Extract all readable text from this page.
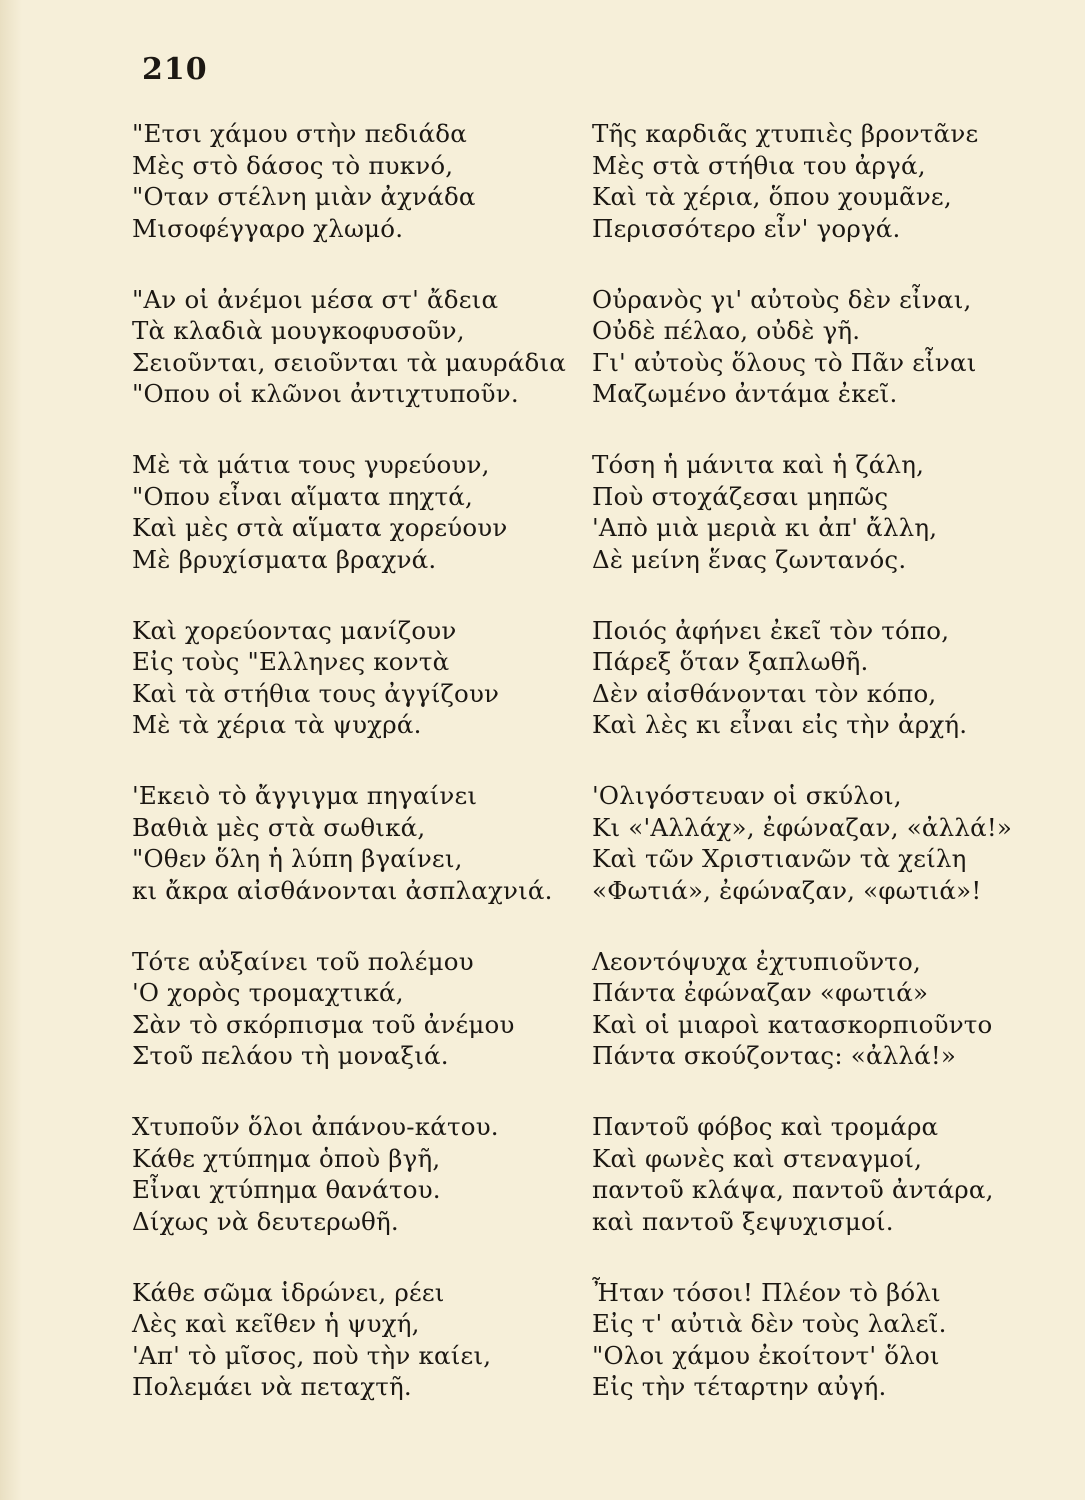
210
"Ετσι χάμου στὴν πεδιάδα
Μὲς στὸ δάσος τὸ πυκνό,
"Οταν στέλνη μιὰν ἀχνάδα
Μισοφέγγαρο χλωμό.
"Αν οἱ ἀνέμοι μέσα στ' ἄδεια
Τὰ κλαδιὰ μουγκοφυσοῦν,
Σειοῦνται, σειοῦνται τὰ μαυράδια
"Οπου οἱ κλῶνοι ἀντιχτυποῦν.
Μὲ τὰ μάτια τους γυρεύουν,
"Οπου εἶναι αἵματα πηχτά,
Καὶ μὲς στὰ αἵματα χορεύουν
Μὲ βρυχίσματα βραχνά.
Καὶ χορεύοντας μανίζουν
Εἰς τοὺς "Ελληνες κοντὰ
Καὶ τὰ στήθια τους ἀγγίζουν
Μὲ τὰ χέρια τὰ ψυχρά.
'Εκειὸ τὸ ἄγγιγμα πηγαίνει
Βαθιὰ μὲς στὰ σωθικά,
"Οθεν ὅλη ἡ λύπη βγαίνει,
κι ἄκρα αἰσθάνονται ἀσπλαχνιά.
Τότε αὐξαίνει τοῦ πολέμου
'Ο χορὸς τρομαχτικά,
Σὰν τὸ σκόρπισμα τοῦ ἀνέμου
Στοῦ πελάου τὴ μοναξιά.
Χτυποῦν ὅλοι ἀπάνου-κάτου.
Κάθε χτύπημα ὁποὺ βγῆ,
Εἶναι χτύπημα θανάτου.
Δίχως νὰ δευτερωθῆ.
Κάθε σῶμα ἱδρώνει, ρέει
Λὲς καὶ κεῖθεν ἡ ψυχή,
'Απ' τὸ μῖσος, ποὺ τὴν καίει,
Πολεμάει νὰ πεταχτῆ.
Τῆς καρδιᾶς χτυπιὲς βροντᾶνε
Μὲς στὰ στήθια του ἀργά,
Καὶ τὰ χέρια, ὅπου χουμᾶνε,
Περισσότερο εἶν' γοργά.
Οὐρανὸς γι' αὐτοὺς δὲν εἶναι,
Οὐδὲ πέλαο, οὐδὲ γῆ.
Γι' αὐτοὺς ὅλους τὸ Πᾶν εἶναι
Μαζωμένο ἀντάμα ἐκεῖ.
Τόση ἡ μάνιτα καὶ ἡ ζάλη,
Ποὺ στοχάζεσαι μηπῶς
'Απὸ μιὰ μεριὰ κι ἀπ' ἄλλη,
Δὲ μείνη ἕνας ζωντανός.
Ποιός ἀφήνει ἐκεῖ τὸν τόπο,
Πάρεξ ὅταν ξαπλωθῆ.
Δὲν αἰσθάνονται τὸν κόπο,
Καὶ λὲς κι εἶναι εἰς τὴν ἀρχή.
'Ολιγόστευαν οἱ σκύλοι,
Κι «'Αλλάχ», ἐφώναζαν, «ἀλλά!»
Καὶ τῶν Χριστιανῶν τὰ χείλη
«Φωτιά», ἐφώναζαν, «φωτιά»!
Λεοντόψυχα ἐχτυπιοῦντο,
Πάντα ἐφώναζαν «φωτιά»
Καὶ οἱ μιαροὶ κατασκορπιοῦντο
Πάντα σκούζοντας: «ἀλλά!»
Παντοῦ φόβος καὶ τρομάρα
Καὶ φωνὲς καὶ στεναγμοί,
παντοῦ κλάψα, παντοῦ ἀντάρα,
καὶ παντοῦ ξεψυχισμοί.
Ἦταν τόσοι! Πλέον τὸ βόλι
Εἰς τ' αὐτιὰ δὲν τοὺς λαλεῖ.
"Ολοι χάμου ἐκοίτοντ' ὅλοι
Εἰς τὴν τέταρτην αὐγή.
